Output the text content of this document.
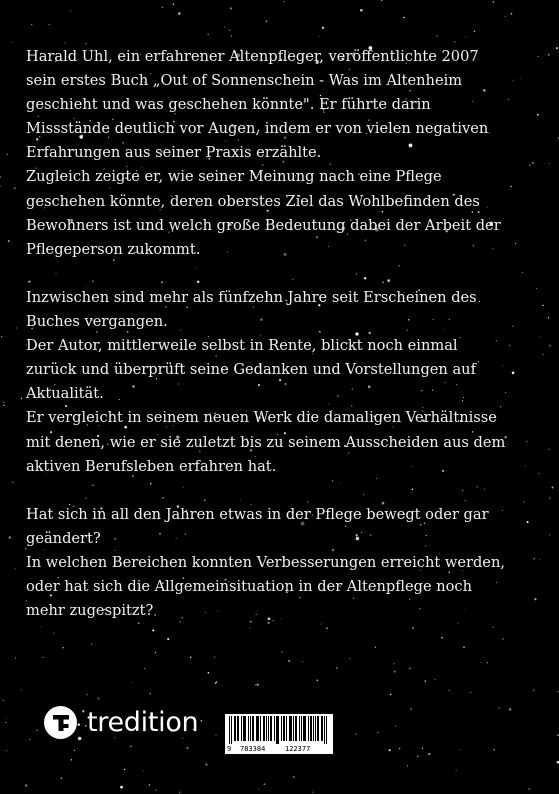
Harald Uhl, ein erfahrener Altenpfleger, veröffentlichte 2007 sein erstes Buch „Out of Sonnenschein - Was im Altenheim geschieht und was geschehen könnte". Er führte darin Missstände deutlich vor Augen, indem er von vielen negativen Erfahrungen aus seiner Praxis erzählte.
Zugleich zeigte er, wie seiner Meinung nach eine Pflege geschehen könnte, deren oberstes Ziel das Wohlbefinden des Bewohners ist und welch große Bedeutung dabei der Arbeit der Pflegeperson zukommt.

Inzwischen sind mehr als fünfzehn Jahre seit Erscheinen des Buches vergangen.
Der Autor, mittlerweile selbst in Rente, blickt noch einmal zurück und überprüft seine Gedanken und Vorstellungen auf Aktualität.
Er vergleicht in seinem neuen Werk die damaligen Verhältnisse mit denen, wie er sie zuletzt bis zu seinem Ausscheiden aus dem aktiven Berufsleben erfahren hat.

Hat sich in all den Jahren etwas in der Pflege bewegt oder gar geändert?
In welchen Bereichen konnten Verbesserungen erreicht werden, oder hat sich die Allgemeinsituation in der Altenpflege noch mehr zugespitzt?

tredition

9

783384

	122377
